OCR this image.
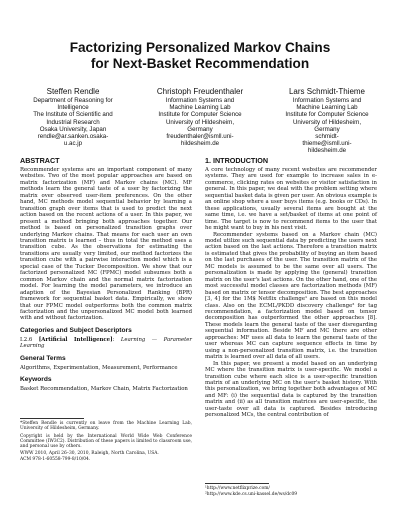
Factorizing Personalized Markov Chains
for Next-Basket Recommendation
Steffen Rendle
Department of Reasoning for
Intelligence
The Institute of Scientific and
Industrial Research
Osaka University, Japan
rendle@ar.sanken.osaka-
u.ac.jp
Christoph Freudenthaler
Information Systems and
Machine Learning Lab
Institute for Computer Science
University of Hildesheim,
Germany
freudenthaler@ismll.uni-
hildesheim.de
Lars Schmidt-Thieme
Information Systems and
Machine Learning Lab
Institute for Computer Science
University of Hildesheim,
Germany
schmidt-
thieme@ismll.uni-
hildesheim.de
ABSTRACT

Recommender systems are an important component of many websites. Two of the most popular approaches are based on matrix factorization (MF) and Markov chains (MC). MF methods learn the general taste of a user by factorizing the matrix over observed user-item preferences. On the other hand, MC methods model sequential behavior by learning a transition graph over items that is used to predict the next action based on the recent actions of a user. In this paper, we present a method bringing both approaches together. Our method is based on personalized transition graphs over underlying Markov chains. That means for each user an own transition matrix is learned – thus in total the method uses a transition cube. As the observations for estimating the transitions are usually very limited, our method factorizes the transition cube with a pairwise interaction model which is a special case of the Tucker Decomposition. We show that our factorized personalized MC (FPMC) model subsumes both a common Markov chain and the normal matrix factorization model. For learning the model parameters, we introduce an adaption of the Bayesian Personalized Ranking (BPR) framework for sequential basket data. Empirically, we show that our FPMC model outperforms both the common matrix factorization and the unpersonalized MC model both learned with and without factorization.

Categories and Subject Descriptors

I.2.6 [Artificial Intelligence]: Learning — Parameter Learning

General Terms

Algorithms, Experimentation, Measurement, Performance

Keywords

Basket Recommendation, Markov Chain, Matrix Factorization

*Steffen Rendle is currently on leave from the Machine Learning Lab, University of Hildesheim, Germany.

Copyright is held by the International World Wide Web Conference Committee (IW3C2). Distribution of these papers is limited to classroom use, and personal use by others.

WWW 2010, April 26–30, 2010, Raleigh, North Carolina, USA.
ACM 978-1-60558-799-8/10/04.

1. INTRODUCTION

A core technology of many recent websites are recommender systems. They are used for example to increase sales in e-commerce, clicking rates on websites or visitor satisfaction in general. In this paper, we deal with the problem setting where sequential basket data is given per user. An obvious example is an online shop where a user buys items (e.g. books or CDs). In these applications, usually several items are bought at the same time, i.e. we have a set/basket of items at one point of time. The target is now to recommend items to the user that he might want to buy in his next visit.

Recommender systems based on a Markov chain (MC) model utilize such sequential data by predicting the users next action based on the last actions. Therefore a transition matrix is estimated that gives the probability of buying an item based on the last purchases of the user. The transition matrix of the MC models is assumed to be the same over all users. The personalization is made by applying the (general) transition matrix on the user's last actions. On the other hand, one of the most successful model classes are factorization methods (MF) based on matrix or tensor decomposition. The best approaches [3, 4] for the 1M$ Netflix challenge¹ are based on this model class. Also on the ECML/PKDD discovery challenge² for tag recommendation, a factorization model based on tensor decomposition has outperformed the other approaches [8]. These models learn the general taste of the user disregarding sequential information. Beside MF and MC there are other approaches: MF uses all data to learn the general taste of the user whereas MC can capture sequence effects in time by using a non-personalized transition matrix, i.e. the transition matrix is learned over all data of all users.

In this paper, we present a model based on an underlying MC where the transition matrix is user-specific. We model a transition cube where each slice is a user-specific transition matrix of an underlying MC on the user's basket history. With this personalization, we bring together both advantages of MC and MF: (i) the sequential data is captured by the transition matrix and (ii) as all transition matrices are user-specific, the user-taste over all data is captured. Besides introducing personalized MCs, the central contribution of

¹http://www.netflixprize.com/
²http://www.kde.cs.uni-kassel.de/ws/dc09
